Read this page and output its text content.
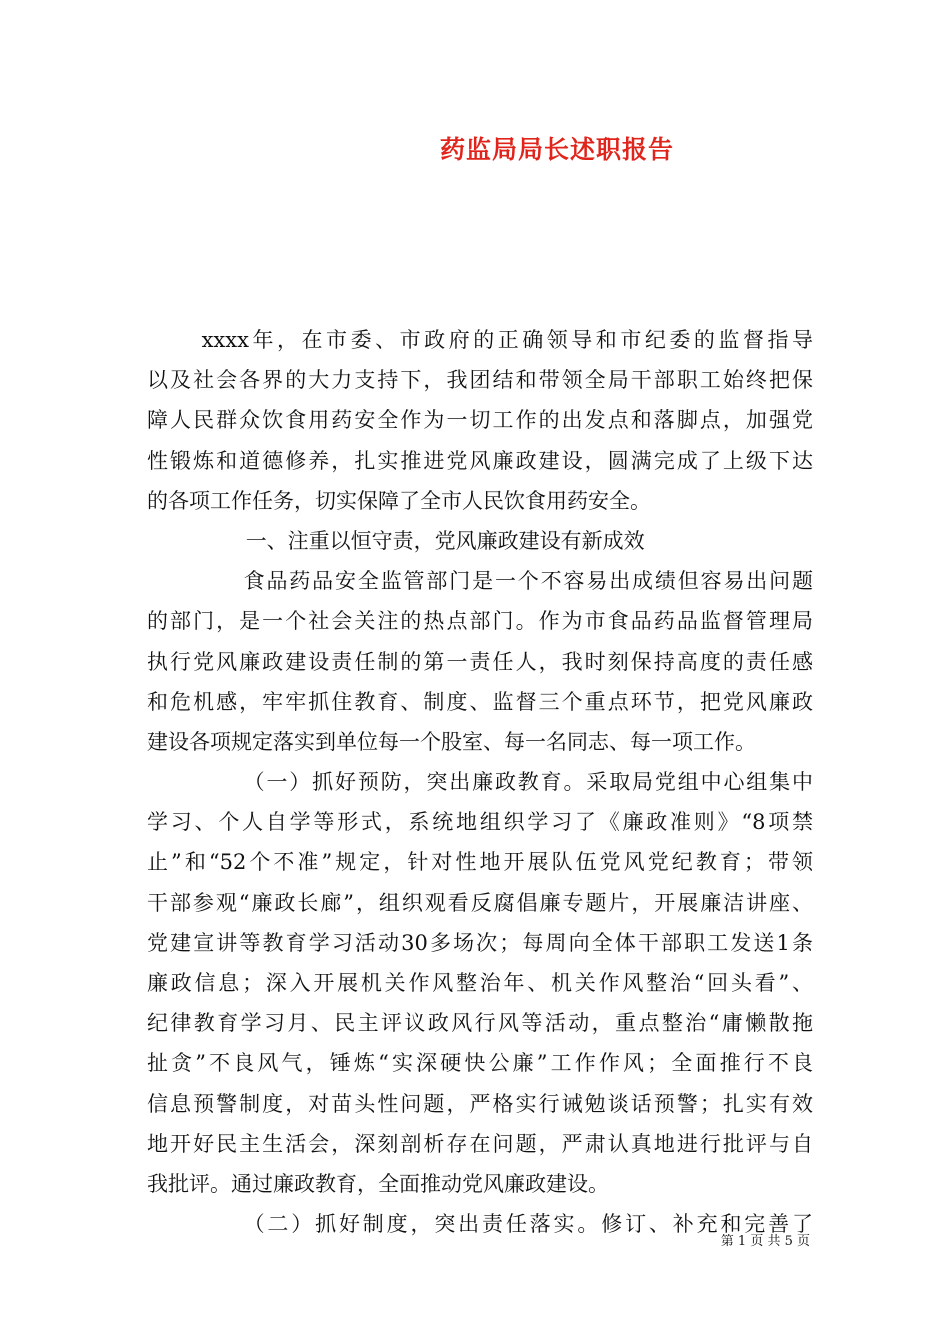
药监局局长述职报告
xxxx年，在市委、市政府的正确领导和市纪委的监督指导
以及社会各界的大力支持下，我团结和带领全局干部职工始终把保
障人民群众饮食用药安全作为一切工作的出发点和落脚点，加强党
性锻炼和道德修养，扎实推进党风廉政建设，圆满完成了上级下达
的各项工作任务，切实保障了全市人民饮食用药安全。
一、注重以恒守责，党风廉政建设有新成效
食品药品安全监管部门是一个不容易出成绩但容易出问题
的部门，是一个社会关注的热点部门。作为市食品药品监督管理局
执行党风廉政建设责任制的第一责任人，我时刻保持高度的责任感
和危机感，牢牢抓住教育、制度、监督三个重点环节，把党风廉政
建设各项规定落实到单位每一个股室、每一名同志、每一项工作。
（一）抓好预防，突出廉政教育。采取局党组中心组集中
学习、个人自学等形式，系统地组织学习了《廉政准则》“8项禁
止”和“52个不准”规定，针对性地开展队伍党风党纪教育；带领
干部参观“廉政长廊”，组织观看反腐倡廉专题片，开展廉洁讲座、
党建宣讲等教育学习活动30多场次；每周向全体干部职工发送1条
廉政信息；深入开展机关作风整治年、机关作风整治“回头看”、
纪律教育学习月、民主评议政风行风等活动，重点整治“庸懒散拖
扯贪”不良风气，锤炼“实深硬快公廉”工作作风；全面推行不良
信息预警制度，对苗头性问题，严格实行诫勉谈话预警；扎实有效
地开好民主生活会，深刻剖析存在问题，严肃认真地进行批评与自
我批评。通过廉政教育，全面推动党风廉政建设。
（二）抓好制度，突出责任落实。修订、补充和完善了
第 1 页 共 5 页
